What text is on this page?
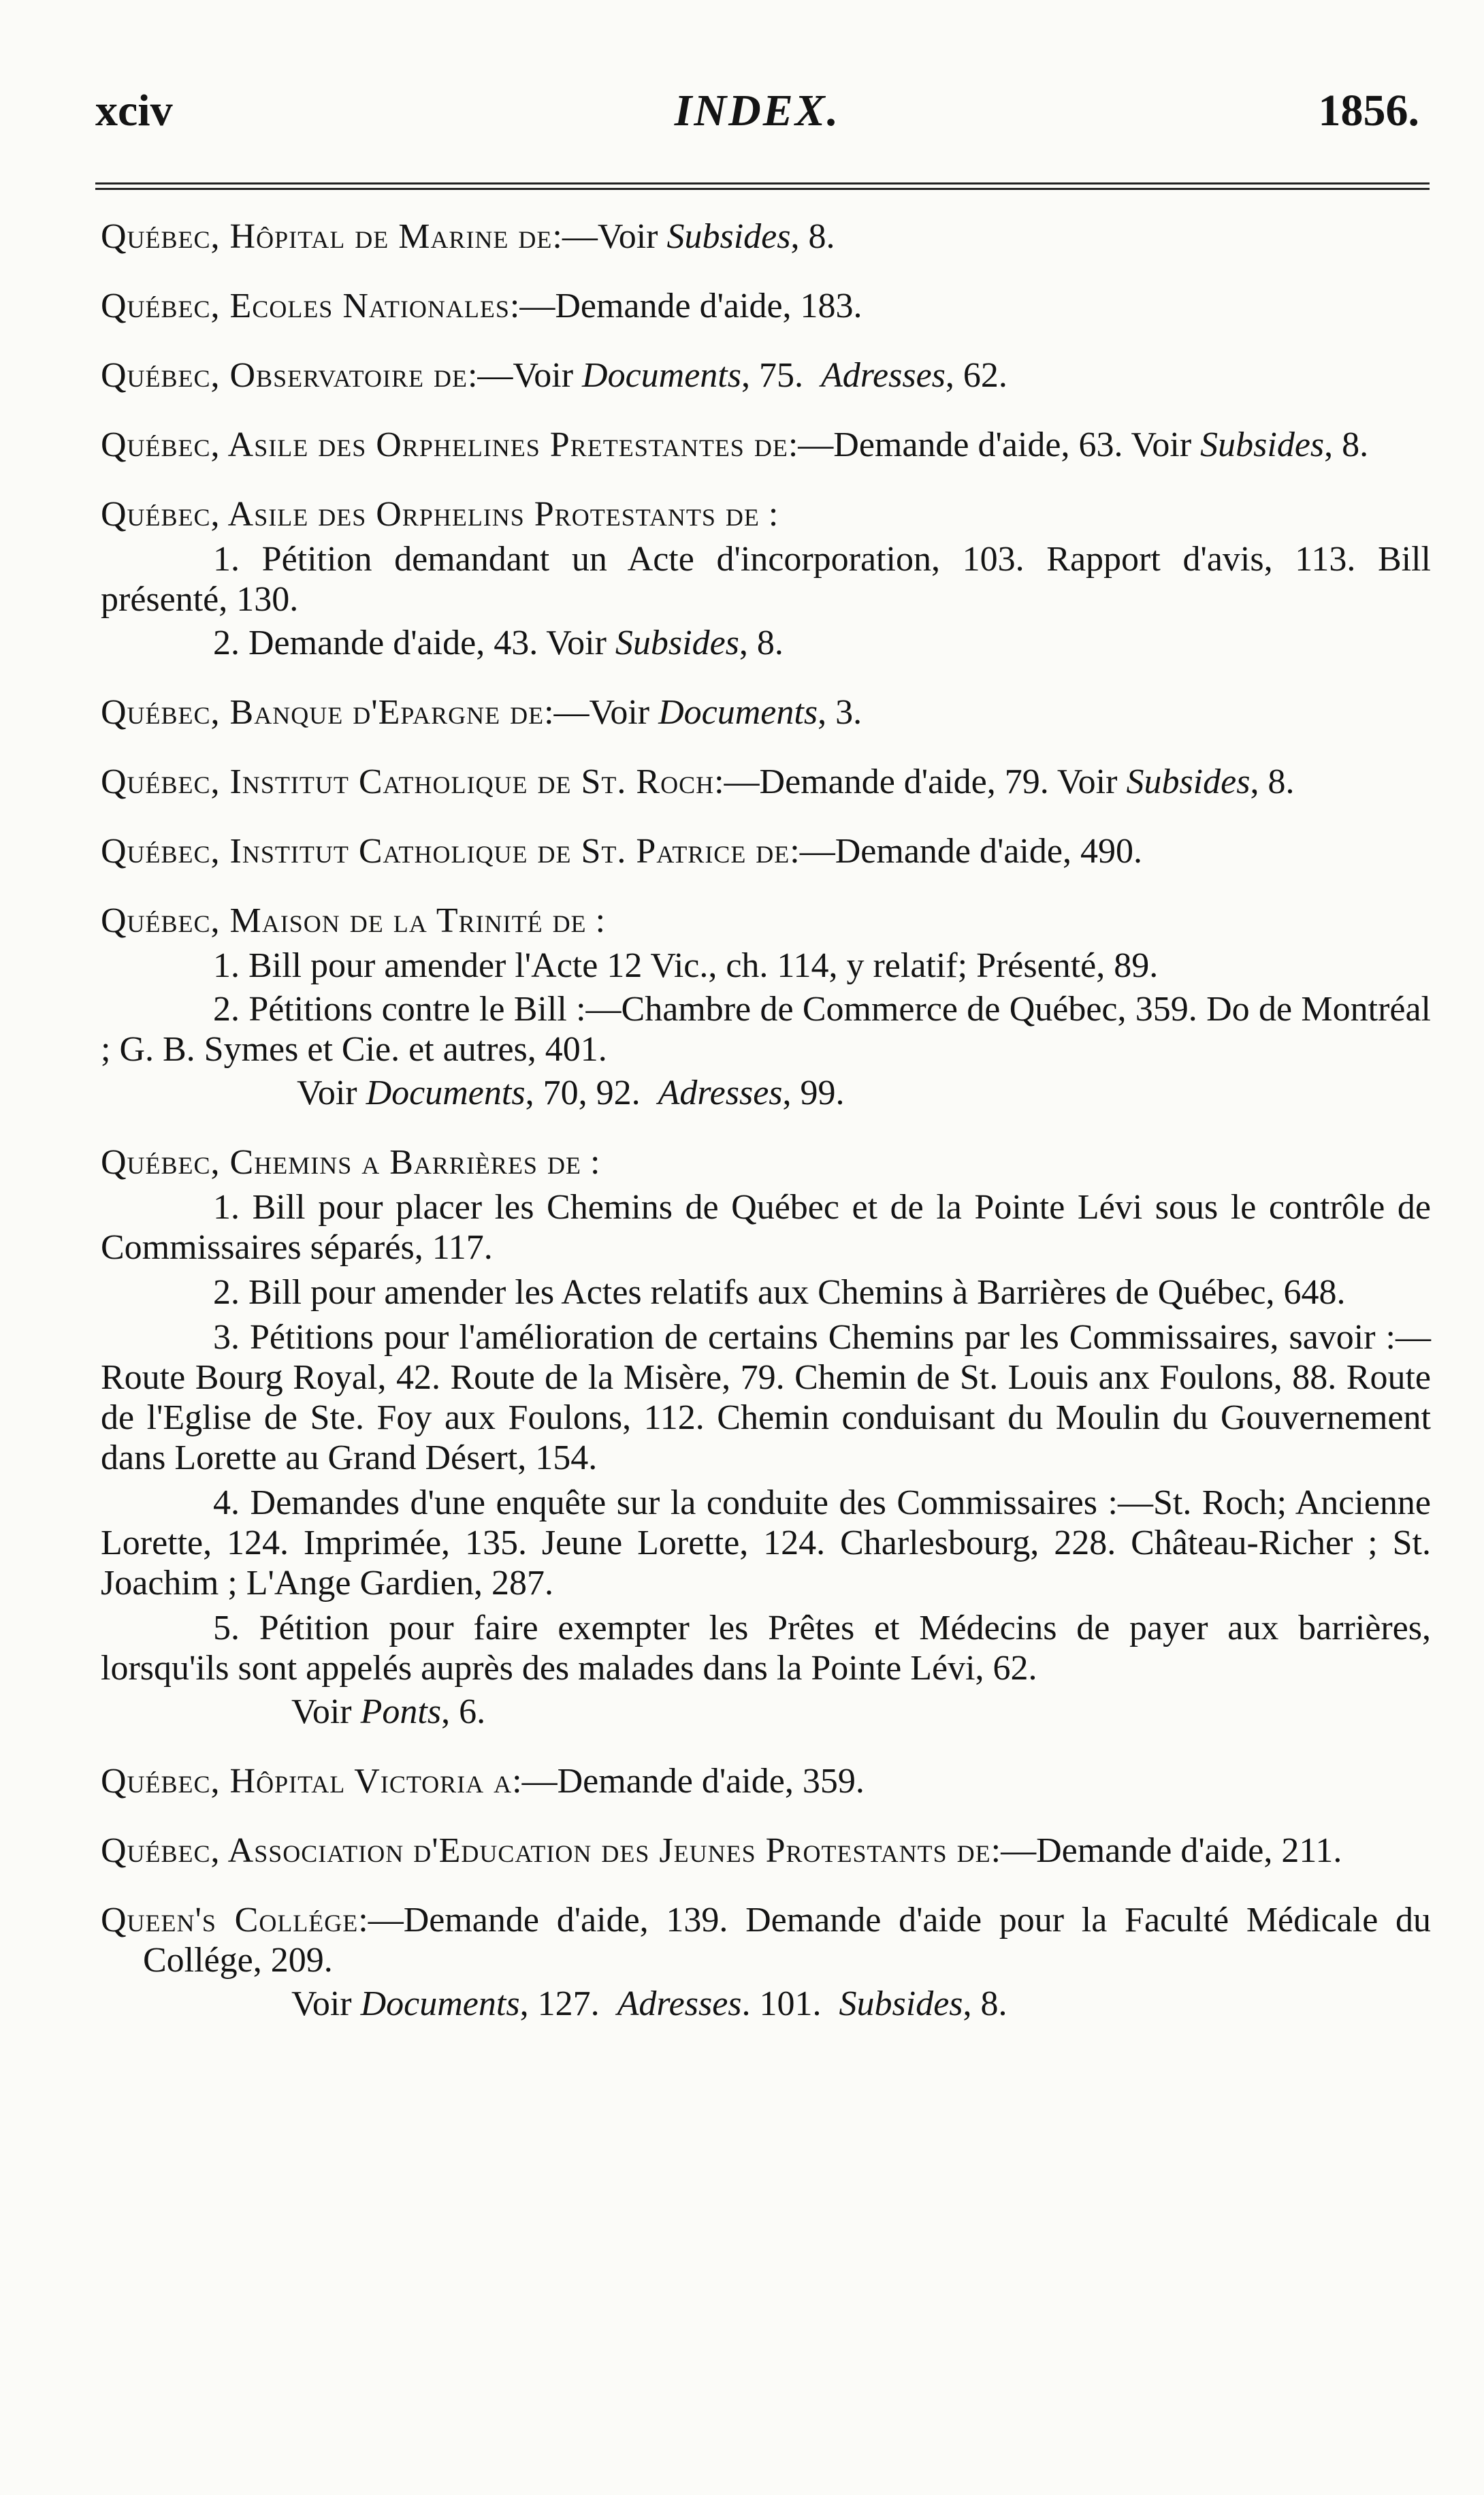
xciv	INDEX.	1856.
Québec, Hôpital de Marine de:—Voir Subsides, 8.
Québec, Ecoles Nationales:—Demande d'aide, 183.
Québec, Observatoire de:—Voir Documents, 75.  Adresses, 62.
Québec, Asile des Orphelines Pretestantes de:—Demande d'aide, 63. Voir Subsides, 8.
Québec, Asile des Orphelins Protestants de :
1. Pétition demandant un Acte d'incorporation, 103. Rapport d'avis, 113. Bill présenté, 130.
2. Demande d'aide, 43. Voir Subsides, 8.
Québec, Banque d'Epargne de:—Voir Documents, 3.
Québec, Institut Catholique de St. Roch:—Demande d'aide, 79. Voir Subsides, 8.
Québec, Institut Catholique de St. Patrice de:—Demande d'aide, 490.
Québec, Maison de la Trinité de :
1. Bill pour amender l'Acte 12 Vic., ch. 114, y relatif; Présenté, 89.
2. Pétitions contre le Bill :—Chambre de Commerce de Québec, 359. Do de Montréal ; G. B. Symes et Cie. et autres, 401.
Voir Documents, 70, 92.  Adresses, 99.
Québec, Chemins a Barrières de :
1. Bill pour placer les Chemins de Québec et de la Pointe Lévi sous le contrôle de Commissaires séparés, 117.
2. Bill pour amender les Actes relatifs aux Chemins à Barrières de Québec, 648.
3. Pétitions pour l'amélioration de certains Chemins par les Commissaires, savoir :—Route Bourg Royal, 42. Route de la Misère, 79. Chemin de St. Louis anx Foulons, 88. Route de l'Eglise de Ste. Foy aux Foulons, 112. Chemin conduisant du Moulin du Gouvernement dans Lorette au Grand Désert, 154.
4. Demandes d'une enquête sur la conduite des Commissaires :—St. Roch; Ancienne Lorette, 124. Imprimée, 135. Jeune Lorette, 124. Charlesbourg, 228. Château-Richer ; St. Joachim ; L'Ange Gardien, 287.
5. Pétition pour faire exempter les Prêtes et Médecins de payer aux barrières, lorsqu'ils sont appelés auprès des malades dans la Pointe Lévi, 62.
Voir Ponts, 6.
Québec, Hôpital Victoria a:—Demande d'aide, 359.
Québec, Association d'Education des Jeunes Protestants de:—Demande d'aide, 211.
Queen's Collége:—Demande d'aide, 139. Demande d'aide pour la Faculté Médicale du Collége, 209.
Voir Documents, 127.  Adresses. 101.  Subsides, 8.
